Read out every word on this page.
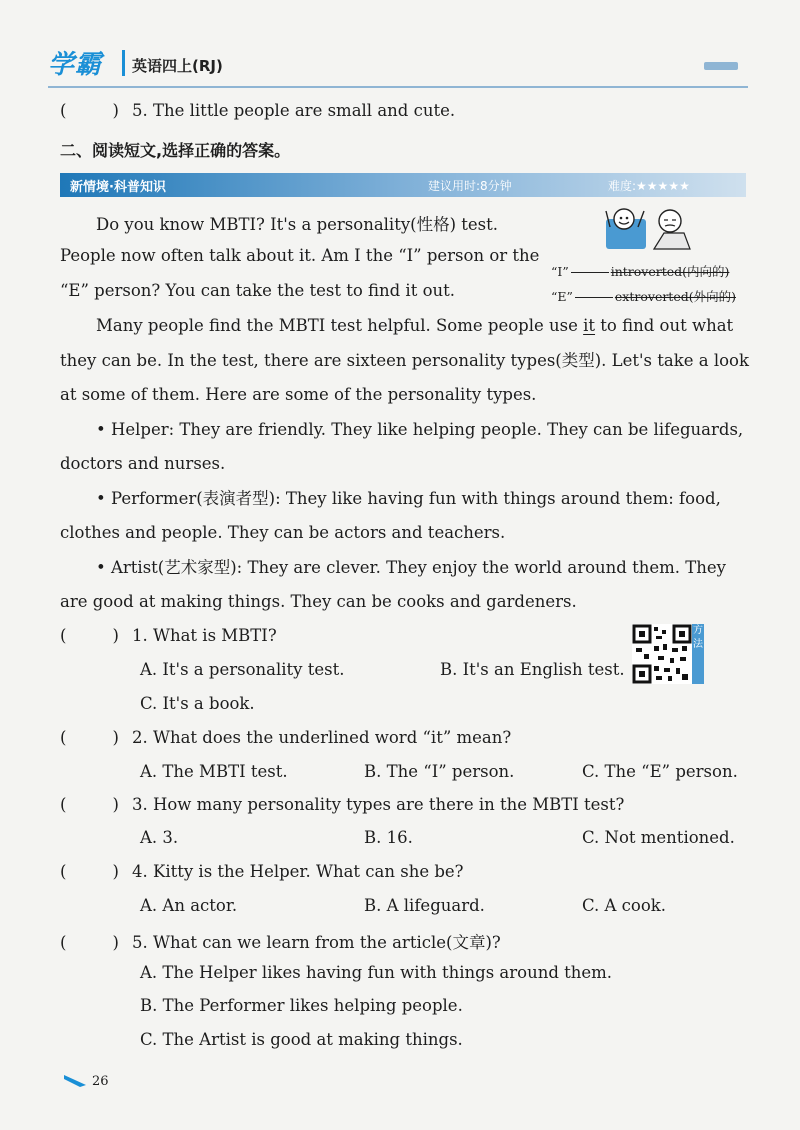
学霸 英语四上(RJ)
(	) 5. The little people are small and cute.
二、阅读短文,选择正确的答案。
新情境·科普知识	建议用时:8分钟	难度:★★★★★
“I”	introverted(内向的)
“E”	extroverted(外向的)
Do you know MBTI? It's a personality(性格) test.
People now often talk about it. Am I the “I” person or the
“E” person? You can take the test to find it out.

Many people find the MBTI test helpful. Some people use it to find out what they can be. In the test, there are sixteen personality types(类型). Let's take a look at some of them. Here are some of the personality types.

• Helper: They are friendly. They like helping people. They can be lifeguards, doctors and nurses.

• Performer(表演者型): They like having fun with things around them: food, clothes and people. They can be actors and teachers.

• Artist(艺术家型): They are clever. They enjoy the world around them. They are good at making things. They can be cooks and gardeners.

(	) 1. What is MBTI?
A. It's a personality test.	B. It's an English test.
C. It's a book.
(	) 2. What does the underlined word “it” mean?
A. The MBTI test.	B. The “I” person.	C. The “E” person.
(	) 3. How many personality types are there in the MBTI test?
A. 3.	B. 16.	C. Not mentioned.
(	) 4. Kitty is the Helper. What can she be?
A. An actor.	B. A lifeguard.	C. A cook.
(	) 5. What can we learn from the article(文章)?
A. The Helper likes having fun with things around them.
B. The Performer likes helping people.
C. The Artist is good at making things.
方法
26
